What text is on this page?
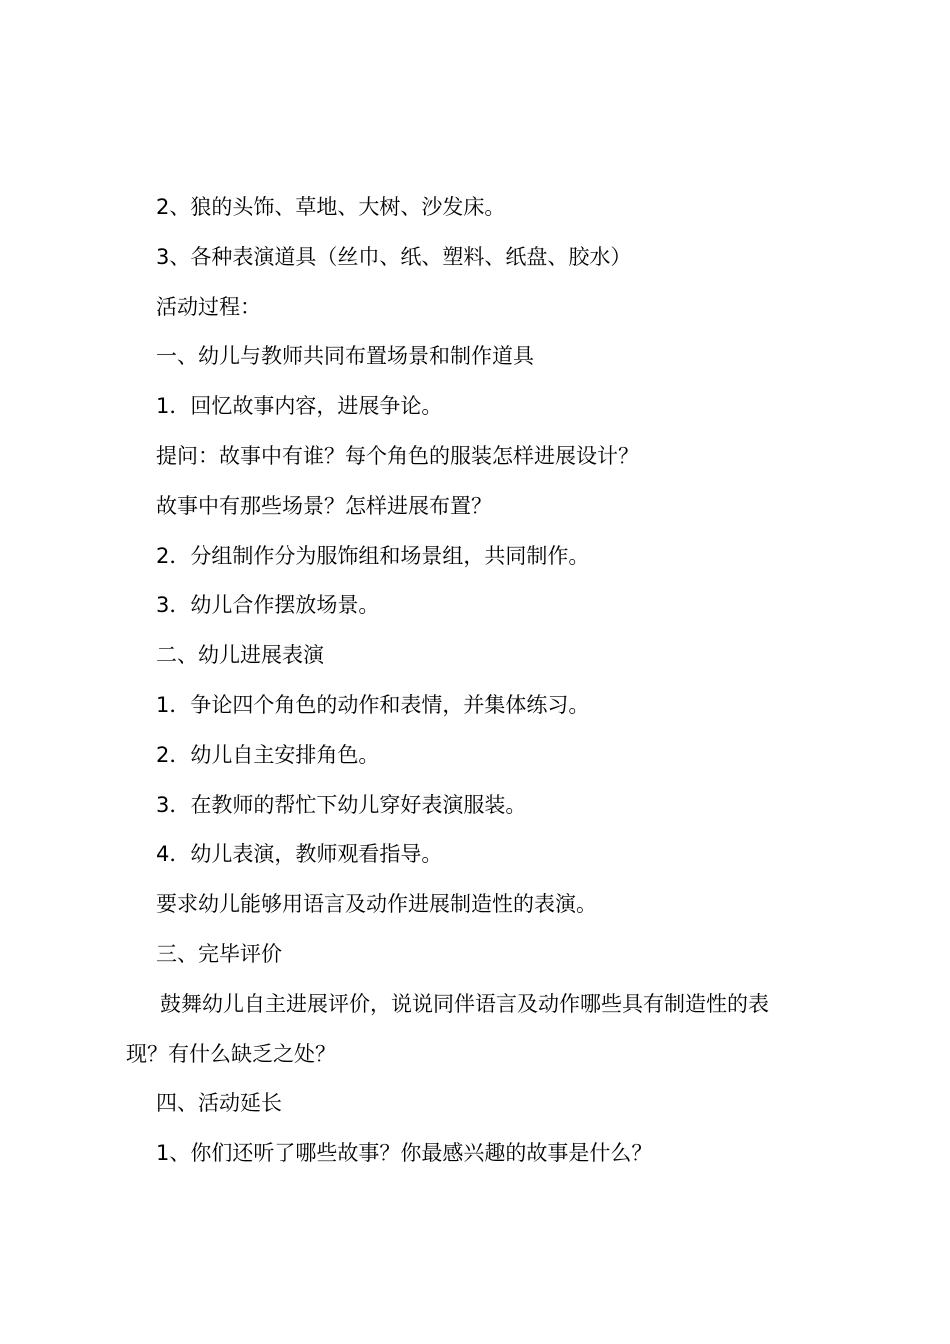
2、狼的头饰、草地、大树、沙发床。

3、各种表演道具（丝巾、纸、塑料、纸盘、胶水）

活动过程：

一、幼儿与教师共同布置场景和制作道具

1．回忆故事内容，进展争论。

提问：故事中有谁？每个角色的服装怎样进展设计？

故事中有那些场景？怎样进展布置？

2．分组制作分为服饰组和场景组，共同制作。

3．幼儿合作摆放场景。

二、幼儿进展表演

1．争论四个角色的动作和表情，并集体练习。

2．幼儿自主安排角色。

3．在教师的帮忙下幼儿穿好表演服装。

4．幼儿表演，教师观看指导。

要求幼儿能够用语言及动作进展制造性的表演。

三、完毕评价

鼓舞幼儿自主进展评价，说说同伴语言及动作哪些具有制造性的表

现？有什么缺乏之处？

四、活动延长

1、你们还听了哪些故事？你最感兴趣的故事是什么？
